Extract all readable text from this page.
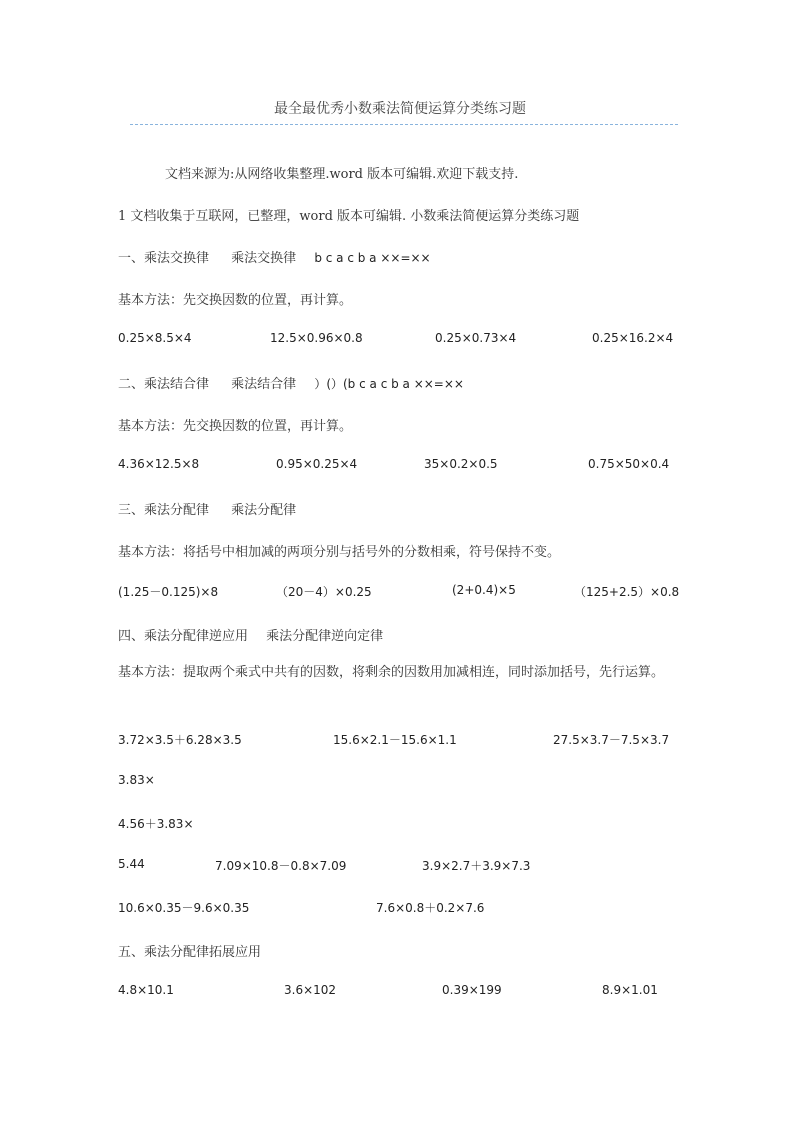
最全最优秀小数乘法简便运算分类练习题
文档来源为:从网络收集整理.word 版本可编辑.欢迎下载支持.
1 文档收集于互联网，已整理，word 版本可编辑. 小数乘法简便运算分类练习题
一、乘法交换律 乘法交换律 b c a c b a ××=××
基本方法：先交换因数的位置，再计算。
0.25×8.5×4	12.5×0.96×0.8	0.25×0.73×4	0.25×16.2×4
二、乘法结合律 乘法结合律 ）(）(b c a c b a ××=××
基本方法：先交换因数的位置，再计算。
4.36×12.5×8	0.95×0.25×4	35×0.2×0.5	0.75×50×0.4
三、乘法分配律 乘法分配律
基本方法：将括号中相加减的两项分别与括号外的分数相乘，符号保持不变。
(1.25－0.125)×8	（20－4）×0.25	(2+0.4)×5	（125+2.5）×0.8
四、乘法分配律逆应用 乘法分配律逆向定律
基本方法：提取两个乘式中共有的因数，将剩余的因数用加减相连，同时添加括号，先行运算。
3.72×3.5＋6.28×3.5	15.6×2.1－15.6×1.1	27.5×3.7－7.5×3.7
3.83×
4.56＋3.83×
5.44	7.09×10.8－0.8×7.09	3.9×2.7＋3.9×7.3
10.6×0.35－9.6×0.35	7.6×0.8＋0.2×7.6
五、乘法分配律拓展应用
4.8×10.1	3.6×102	0.39×199	8.9×1.01
